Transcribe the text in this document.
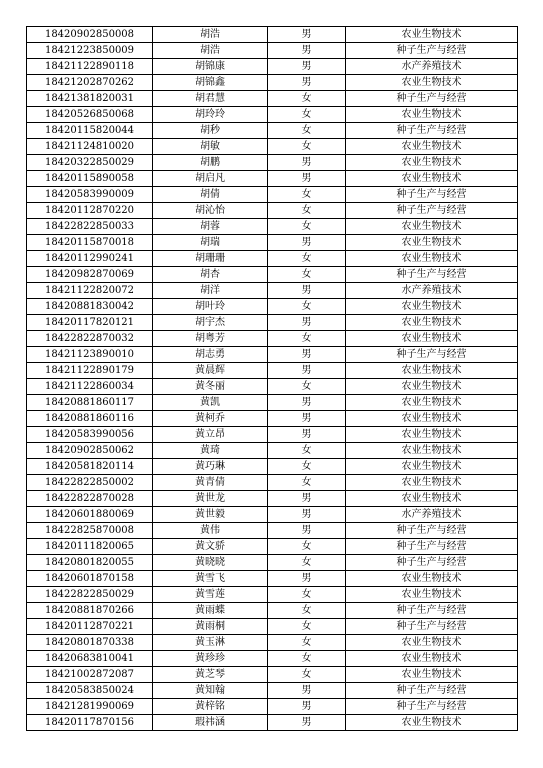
18420902850008	胡浩	男	农业生物技术
18421223850009	胡浩	男	种子生产与经营
18421122890118	胡锦康	男	水产养殖技术
18421202870262	胡锦鑫	男	农业生物技术
18421381820031	胡君慧	女	种子生产与经营
18420526850068	胡玲玲	女	农业生物技术
18420115820044	胡秒	女	种子生产与经营
18421124810020	胡敏	女	农业生物技术
18420322850029	胡鹏	男	农业生物技术
18420115890058	胡启凡	男	农业生物技术
18420583990009	胡倩	女	种子生产与经营
18420112870220	胡沁怡	女	种子生产与经营
18422822850033	胡蓉	女	农业生物技术
18420115870018	胡瑞	男	农业生物技术
18420112990241	胡珊珊	女	农业生物技术
18420982870069	胡杏	女	种子生产与经营
18421122820072	胡洋	男	水产养殖技术
18420881830042	胡叶玲	女	农业生物技术
18420117820121	胡宇杰	男	农业生物技术
18422822870032	胡粤芳	女	农业生物技术
18421123890010	胡志勇	男	种子生产与经营
18421122890179	黄晨辉	男	农业生物技术
18421122860034	黄冬丽	女	农业生物技术
18420881860117	黄凯	男	农业生物技术
18420881860116	黄柯乔	男	农业生物技术
18420583990056	黄立昂	男	农业生物技术
18420902850062	黄琦	女	农业生物技术
18420581820114	黄巧琳	女	农业生物技术
18422822850002	黄青倩	女	农业生物技术
18422822870028	黄世龙	男	农业生物技术
18420601880069	黄世毅	男	水产养殖技术
18422825870008	黄伟	男	种子生产与经营
18420111820065	黄文骄	女	种子生产与经营
18420801820055	黄晓晓	女	种子生产与经营
18420601870158	黄雪飞	男	农业生物技术
18422822850029	黄雪莲	女	农业生物技术
18420881870266	黄雨蝶	女	种子生产与经营
18420112870221	黄雨桐	女	种子生产与经营
18420801870338	黄玉淋	女	农业生物技术
18420683810041	黄珍珍	女	农业生物技术
18421002872087	黄芝琴	女	农业生物技术
18420583850024	黄知翰	男	种子生产与经营
18421281990069	黄梓铭	男	种子生产与经营
18420117870156	瑕祎涵	男	农业生物技术
